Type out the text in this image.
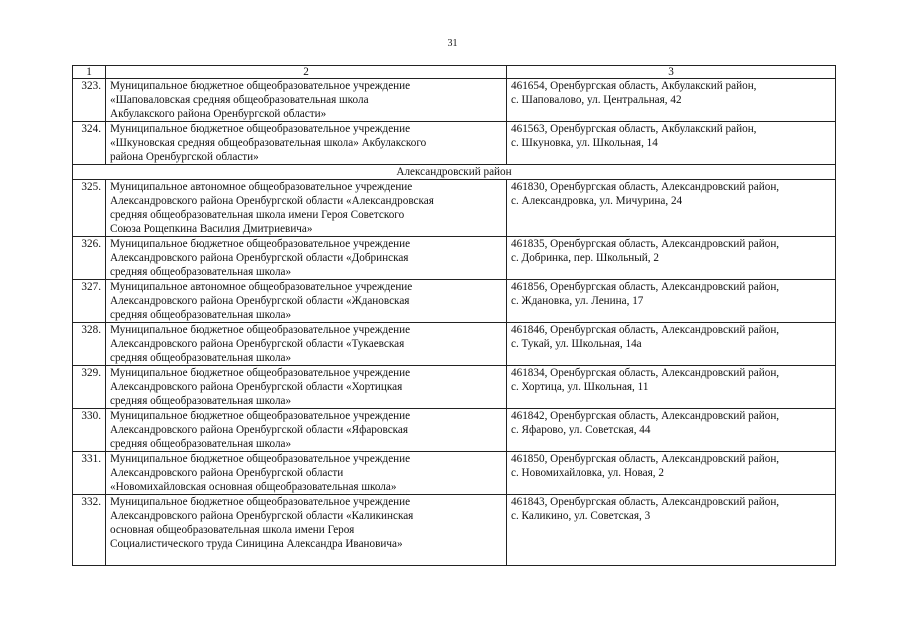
31
1	2	3
323.	Муниципальное бюджетное общеобразовательное учреждение
«Шаповаловская средняя общеобразовательная школа
Акбулакского района Оренбургской области»	461654, Оренбургская область, Акбулакский район,
с. Шаповалово, ул. Центральная, 42
324.	Муниципальное бюджетное общеобразовательное учреждение
«Шкуновская средняя общеобразовательная школа» Акбулакского
района Оренбургской области»	461563, Оренбургская область, Акбулакский район,
с. Шкуновка, ул. Школьная, 14
Александровский район		
325.	Муниципальное автономное общеобразовательное учреждение
Александровского района Оренбургской области «Александровская
средняя общеобразовательная школа имени Героя Советского
Союза Рощепкина Василия Дмитриевича»	461830, Оренбургская область, Александровский район,
с. Александровка, ул. Мичурина, 24
326.	Муниципальное бюджетное общеобразовательное учреждение
Александровского района Оренбургской области «Добринская
средняя общеобразовательная школа»	461835, Оренбургская область, Александровский район,
с. Добринка, пер. Школьный, 2
327.	Муниципальное автономное общеобразовательное учреждение
Александровского района Оренбургской области «Ждановская
средняя общеобразовательная школа»	461856, Оренбургская область, Александровский район,
с. Ждановка, ул. Ленина, 17
328.	Муниципальное бюджетное общеобразовательное учреждение
Александровского района Оренбургской области «Тукаевская
средняя общеобразовательная школа»	461846, Оренбургская область, Александровский район,
с. Тукай, ул. Школьная, 14а
329.	Муниципальное бюджетное общеобразовательное учреждение
Александровского района Оренбургской области «Хортицкая
средняя общеобразовательная школа»	461834, Оренбургская область, Александровский район,
с. Хортица, ул. Школьная, 11
330.	Муниципальное бюджетное общеобразовательное учреждение
Александровского района Оренбургской области «Яфаровская
средняя общеобразовательная школа»	461842, Оренбургская область, Александровский район,
с. Яфарово, ул. Советская, 44
331.	Муниципальное бюджетное общеобразовательное учреждение
Александровского района Оренбургской области
«Новомихайловская основная общеобразовательная школа»	461850, Оренбургская область, Александровский район,
с. Новомихайловка, ул. Новая, 2
332.	Муниципальное бюджетное общеобразовательное учреждение
Александровского района Оренбургской области «Каликинская
основная общеобразовательная школа имени Героя
Социалистического труда Синицина Александра Ивановича»	461843, Оренбургская область, Александровский район,
с. Каликино, ул. Советская, 3
